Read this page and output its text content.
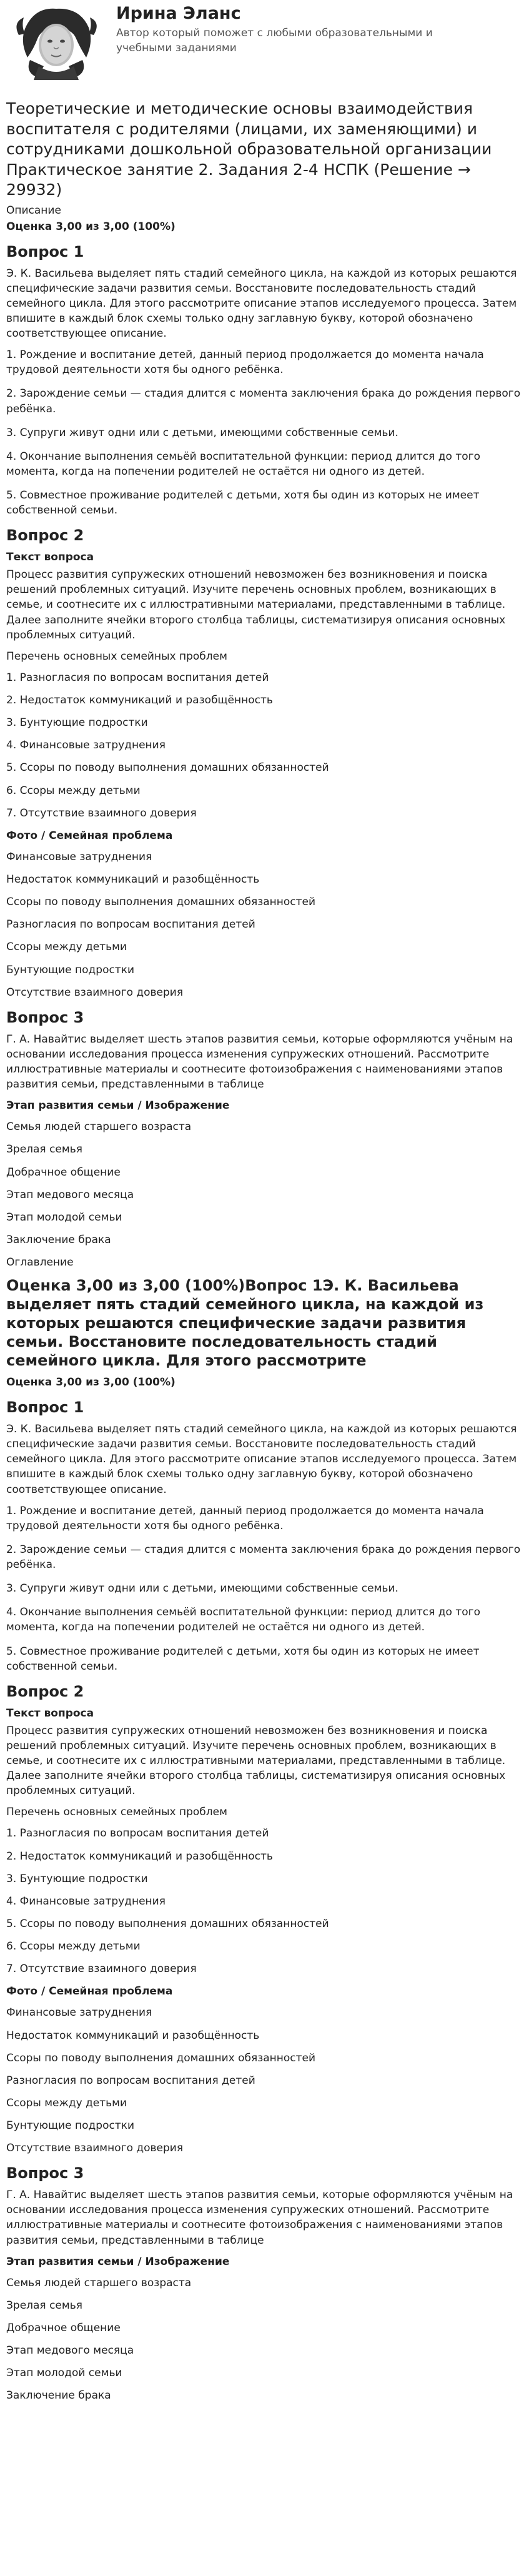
Ирина Эланс
Автор который поможет с любыми образовательными и учебными заданиями
Теоретические и методические основы взаимодействия воспитателя с родителями (лицами, их заменяющими) и сотрудниками дошкольной образовательной организации Практическое занятие 2. Задания 2-4 НСПК (Решение → 29932)
Описание
Оценка 3,00 из 3,00 (100%)
Вопрос 1

Э. К. Васильева выделяет пять стадий семейного цикла, на каждой из которых решаются специфические задачи развития семьи. Восстановите последовательность стадий семейного цикла. Для этого рассмотрите описание этапов исследуемого процесса. Затем впишите в каждый блок схемы только одну заглавную букву, которой обозначено соответствующее описание.

1. Рождение и воспитание детей, данный период продолжается до момента начала трудовой деятельности хотя бы одного ребёнка.
2. Зарождение семьи — стадия длится с момента заключения брака до рождения первого ребёнка.
3. Супруги живут одни или с детьми, имеющими собственные семьи.
4. Окончание выполнения семьёй воспитательной функции: период длится до того момента, когда на попечении родителей не остаётся ни одного из детей.
5. Совместное проживание родителей с детьми, хотя бы один из которых не имеет собственной семьи.
Вопрос 2
Текст вопроса

Процесс развития супружеских отношений невозможен без возникновения и поиска решений проблемных ситуаций. Изучите перечень основных проблем, возникающих в семье, и соотнесите их с иллюстративными материалами, представленными в таблице. Далее заполните ячейки второго столбца таблицы, систематизируя описания основных проблемных ситуаций.

Перечень основных семейных проблем
1. Разногласия по вопросам воспитания детей
2. Недостаток коммуникаций и разобщённость
3. Бунтующие подростки
4. Финансовые затруднения
5. Ссоры по поводу выполнения домашних обязанностей
6. Ссоры между детьми
7. Отсутствие взаимного доверия
Фото / Семейная проблема
Финансовые затруднения
Недостаток коммуникаций и разобщённость
Ссоры по поводу выполнения домашних обязанностей
Разногласия по вопросам воспитания детей
Ссоры между детьми
Бунтующие подростки
Отсутствие взаимного доверия
Вопрос 3

Г. А. Навайтис выделяет шесть этапов развития семьи, которые оформляются учёным на основании исследования процесса изменения супружеских отношений. Рассмотрите иллюстративные материалы и соотнесите фотоизображения с наименованиями этапов развития семьи, представленными в таблице

Этап развития семьи / Изображение
Семья людей старшего возраста
Зрелая семья
Добрачное общение
Этап медового месяца
Этап молодой семьи
Заключение брака
Оглавление
Оценка 3,00 из 3,00 (100%)Вопрос 1Э. К. Васильева выделяет пять стадий семейного цикла, на каждой из которых решаются специфические задачи развития семьи. Восстановите последовательность стадий семейного цикла. Для этого рассмотрите
Оценка 3,00 из 3,00 (100%)
Вопрос 1

Э. К. Васильева выделяет пять стадий семейного цикла, на каждой из которых решаются специфические задачи развития семьи. Восстановите последовательность стадий семейного цикла. Для этого рассмотрите описание этапов исследуемого процесса. Затем впишите в каждый блок схемы только одну заглавную букву, которой обозначено соответствующее описание.

1. Рождение и воспитание детей, данный период продолжается до момента начала трудовой деятельности хотя бы одного ребёнка.
2. Зарождение семьи — стадия длится с момента заключения брака до рождения первого ребёнка.
3. Супруги живут одни или с детьми, имеющими собственные семьи.
4. Окончание выполнения семьёй воспитательной функции: период длится до того момента, когда на попечении родителей не остаётся ни одного из детей.
5. Совместное проживание родителей с детьми, хотя бы один из которых не имеет собственной семьи.
Вопрос 2
Текст вопроса

Процесс развития супружеских отношений невозможен без возникновения и поиска решений проблемных ситуаций. Изучите перечень основных проблем, возникающих в семье, и соотнесите их с иллюстративными материалами, представленными в таблице. Далее заполните ячейки второго столбца таблицы, систематизируя описания основных проблемных ситуаций.

Перечень основных семейных проблем
1. Разногласия по вопросам воспитания детей
2. Недостаток коммуникаций и разобщённость
3. Бунтующие подростки
4. Финансовые затруднения
5. Ссоры по поводу выполнения домашних обязанностей
6. Ссоры между детьми
7. Отсутствие взаимного доверия
Фото / Семейная проблема
Финансовые затруднения
Недостаток коммуникаций и разобщённость
Ссоры по поводу выполнения домашних обязанностей
Разногласия по вопросам воспитания детей
Ссоры между детьми
Бунтующие подростки
Отсутствие взаимного доверия
Вопрос 3

Г. А. Навайтис выделяет шесть этапов развития семьи, которые оформляются учёным на основании исследования процесса изменения супружеских отношений. Рассмотрите иллюстративные материалы и соотнесите фотоизображения с наименованиями этапов развития семьи, представленными в таблице

Этап развития семьи / Изображение
Семья людей старшего возраста
Зрелая семья
Добрачное общение
Этап медового месяца
Этап молодой семьи
Заключение брака
